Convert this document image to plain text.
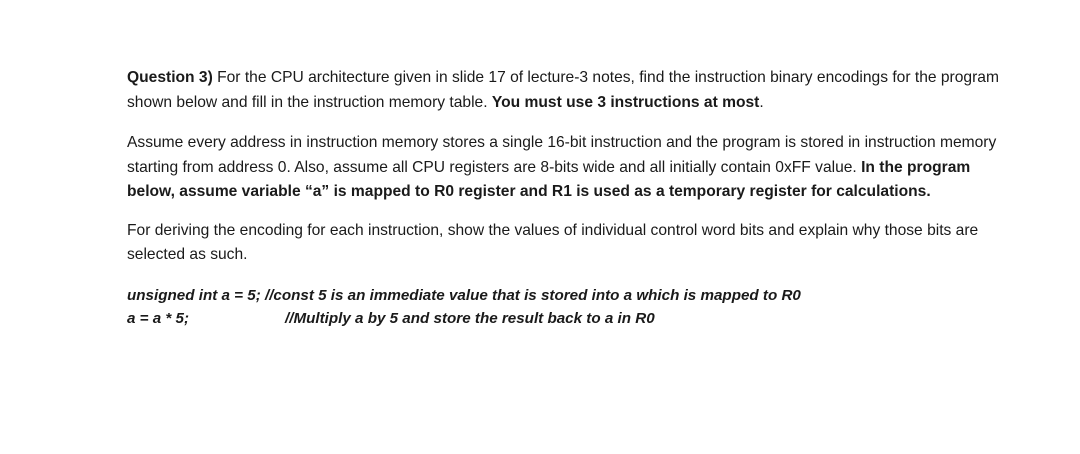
Question 3) For the CPU architecture given in slide 17 of lecture-3 notes, find the instruction binary encodings for the program shown below and fill in the instruction memory table. You must use 3 instructions at most.

Assume every address in instruction memory stores a single 16-bit instruction and the program is stored in instruction memory starting from address 0. Also, assume all CPU registers are 8-bits wide and all initially contain 0xFF value. In the program below, assume variable “a” is mapped to R0 register and R1 is used as a temporary register for calculations.

For deriving the encoding for each instruction, show the values of individual control word bits and explain why those bits are selected as such.

unsigned int a = 5; //const 5 is an immediate value that is stored into a which is mapped to R0
a = a * 5;	//Multiply a by 5 and store the result back to a in R0
